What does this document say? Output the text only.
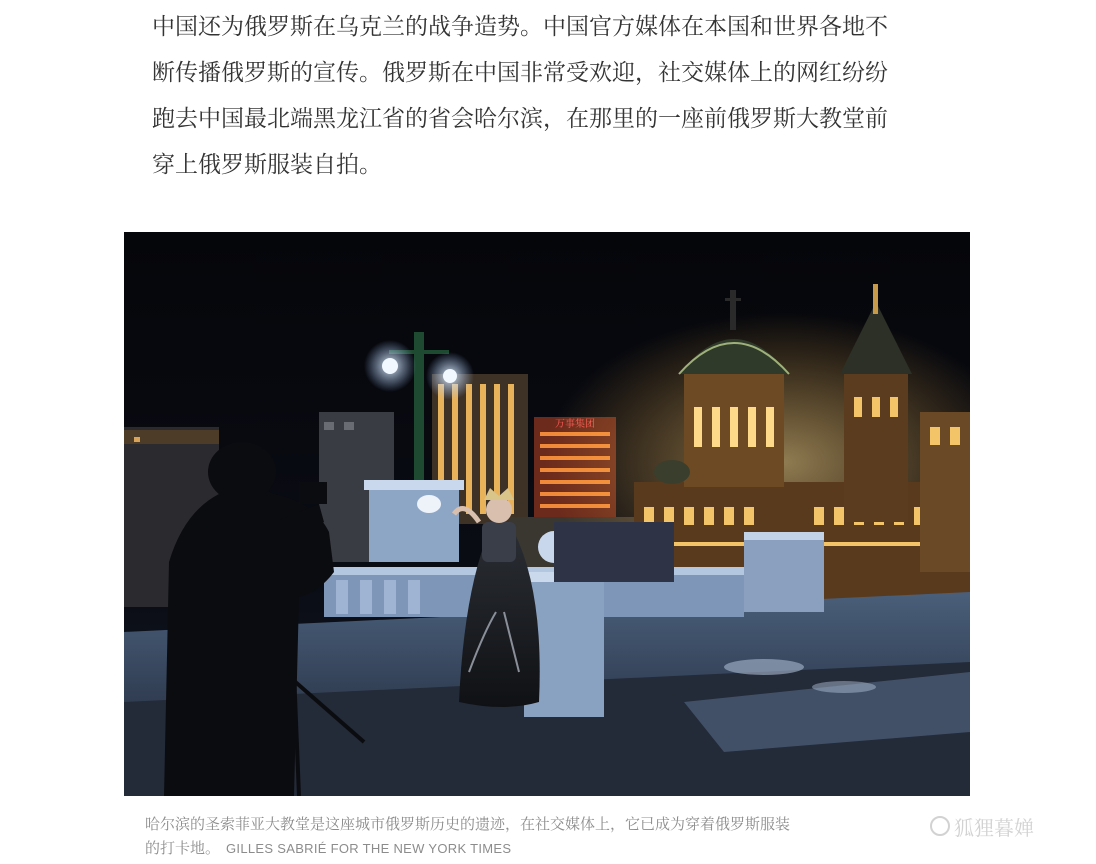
中国还为俄罗斯在乌克兰的战争造势。中国官方媒体在本国和世界各地不
断传播俄罗斯的宣传。俄罗斯在中国非常受欢迎，社交媒体上的网红纷纷
跑去中国最北端黑龙江省的省会哈尔滨，在那里的一座前俄罗斯大教堂前
穿上俄罗斯服装自拍。
哈尔滨的圣索菲亚大教堂是这座城市俄罗斯历史的遗迹，在社交媒体上，它已成为穿着俄罗斯服装
的打卡地。 GILLES SABRIÉ FOR THE NEW YORK TIMES
狐狸暮婵
